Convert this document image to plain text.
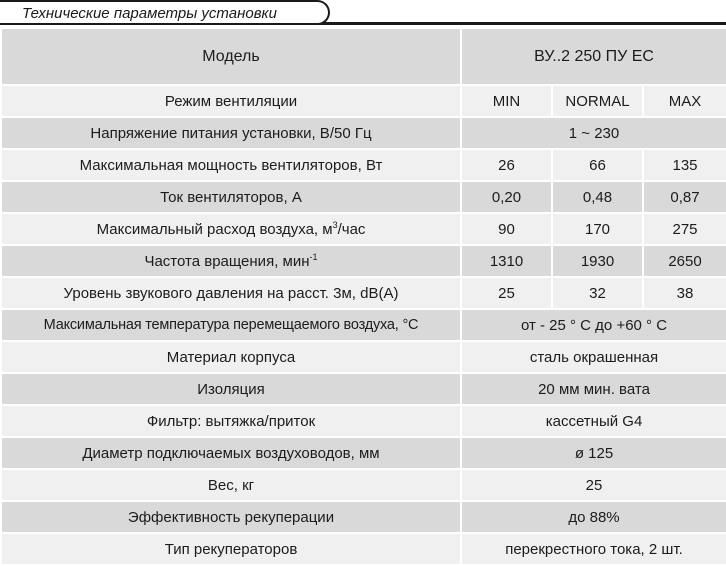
Технические параметры установки
Модель	ВУ..2 250 ПУ ЕС		
Режим вентиляции	MIN	NORMAL	MAX
Напряжение питания установки, В/50 Гц	1 ~ 230		
Максимальная мощность вентиляторов, Вт	26	66	135
Ток вентиляторов, А	0,20	0,48	0,87
Максимальный расход воздуха, $м^3$/час	90	170	275
Частота вращения, мин$^{-1}$	1310	1930	2650
Уровень звукового давления на расст. 3м, dB(A)	25	32	38
Максимальная температура перемещаемого воздуха, °C	от - 25 ° C до +60 ° C		
Материал корпуса	сталь окрашенная		
Изоляция	20 мм мин. вата		
Фильтр: вытяжка/приток	кассетный G4		
Диаметр подключаемых воздуховодов, мм	ø 125		
Вес, кг	25		
Эффективность рекуперации	до 88%		
Тип рекуператоров	перекрестного тока, 2 шт.		
